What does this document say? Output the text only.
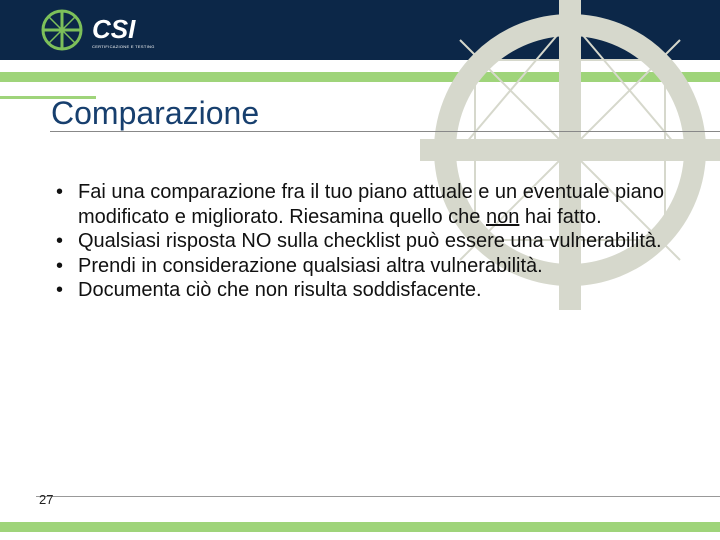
CSI
CERTIFICAZIONE E TESTING
Comparazione
• Fai una comparazione fra il tuo piano attuale e un eventuale piano modificato e migliorato. Riesamina quello che non hai fatto.
• Qualsiasi risposta NO sulla checklist può essere una vulnerabilità.
• Prendi in considerazione qualsiasi altra vulnerabilità.
• Documenta ciò che non risulta soddisfacente.
27
